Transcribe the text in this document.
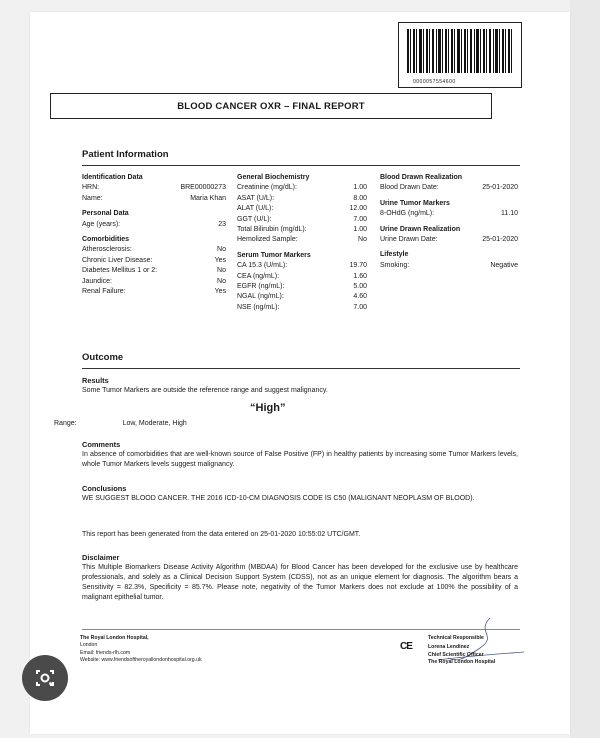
0000057554600
BLOOD CANCER OXR – FINAL REPORT
Patient Information
Identification Data
HRN:	BRE00000273
Name:	Maria Khan
Personal Data
Age (years):	23
Comorbidities
Atherosclerosis:	No
Chronic Liver Disease:	Yes
Diabetes Mellitus 1 or 2:	No
Jaundice:	No
Renal Failure:	Yes
General Biochemistry
Creatinine (mg/dL):	1.00
ASAT (U/L):	8.00
ALAT (U/L):	12.00
GGT (U/L):	7.00
Total Bilirubin (mg/dL):	1.00
Hemolized Sample:	No
Serum Tumor Markers
CA 15.3 (U/mL):	19.70
CEA (ng/mL):	1.60
EGFR (ng/mL):	5.00
NGAL (ng/mL):	4.60
NSE (ng/mL):	7.00
Blood Drawn Realization
Blood Drawn Date:	25-01-2020
Urine Tumor Markers
8-OHdG (ng/mL):	11.10
Urine Drawn Realization
Urine Drawn Date:	25-01-2020
Lifestyle
Smoking:	Negative
Outcome
Results
Some Tumor Markers are outside the reference range and suggest malignancy.
“High”
Range:	Low, Moderate, High
Comments
In absence of comorbidities that are well-known source of False Positive (FP) in healthy patients by increasing some Tumor Markers levels, whole Tumor Markers levels suggest malignancy.
Conclusions
WE SUGGEST BLOOD CANCER. THE 2016 ICD-10-CM DIAGNOSIS CODE IS C50 (MALIGNANT NEOPLASM OF BLOOD).
This report has been generated from the data entered on 25-01-2020 10:55:02 UTC/GMT.
Disclaimer
This Multiple Biomarkers Disease Activity Algorithm (MBDAA) for Blood Cancer has been developed for the exclusive use by healthcare professionals, and solely as a Clinical Decision Support System (CDSS), not as an unique element for diagnosis. The algorithm bears a Sensitivity = 82.3%, Specificity = 85.7%. Please note, negativity of the Tumor Markers does not exclude at 100% the possibility of a malignant epithelial tumor.
The Royal London Hospital,
London
Email: friends‑rlh.com
Website: www.friendsoftheroyallondonhospital.org.uk
CE
Technical Responsible
Lorena Lendinez
Chief Scientific Officer
The Royal London Hospital
